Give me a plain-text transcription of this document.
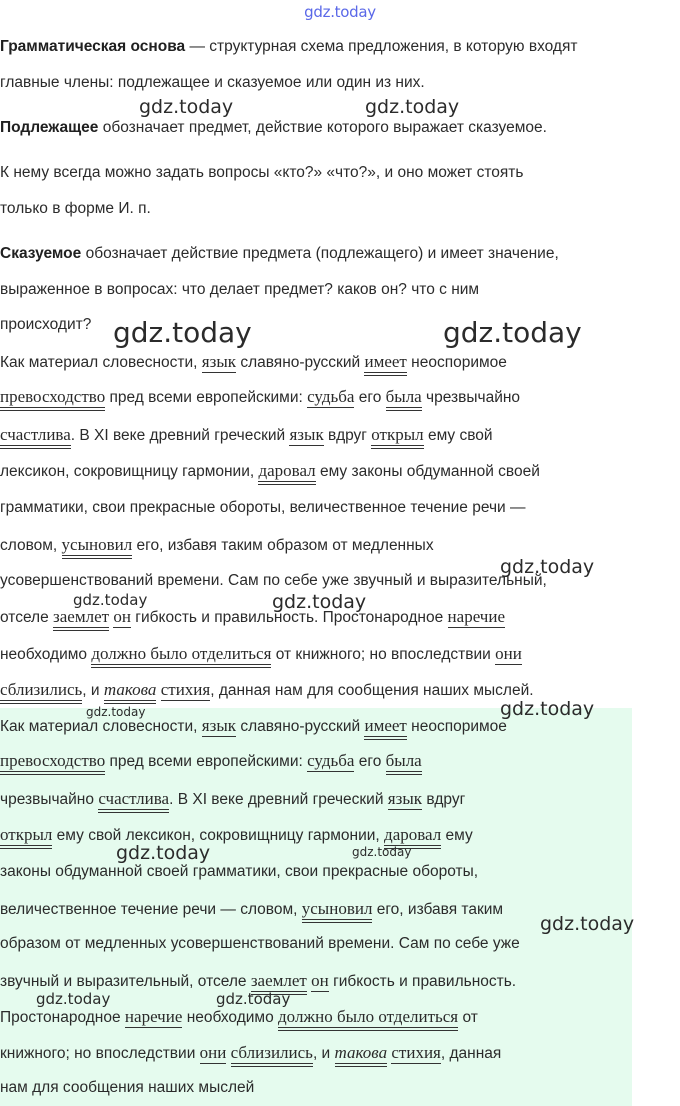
gdz.today
Грамматическая основа — структурная схема предложения, в которую входят
главные члены: подлежащее и сказуемое или один из них.
Подлежащее обозначает предмет, действие которого выражает сказуемое.
К нему всегда можно задать вопросы «кто?» «что?», и оно может стоять
только в форме И. п.
Сказуемое обозначает действие предмета (подлежащего) и имеет значение,
выраженное в вопросах: что делает предмет? каков он? что с ним
происходит?
Как материал словесности, язык славяно-русский имеет неоспоримое
превосходство пред всеми европейскими: судьба его была чрезвычайно
счастлива. В XI веке древний греческий язык вдруг открыл ему свой
лексикон, сокровищницу гармонии, даровал ему законы обдуманной своей
грамматики, свои прекрасные обороты, величественное течение речи —
словом, усыновил его, избавя таким образом от медленных
усовершенствований времени. Сам по себе уже звучный и выразительный,
отселе заемлет он гибкость и правильность. Простонародное наречие
необходимо должно было отделиться от книжного; но впоследствии они
сблизились, и такова стихия, данная нам для сообщения наших мыслей.
Как материал словесности, язык славяно-русский имеет неоспоримое
превосходство пред всеми европейскими: судьба его была
чрезвычайно счастлива. В XI веке древний греческий язык вдруг
открыл ему свой лексикон, сокровищницу гармонии, даровал ему
законы обдуманной своей грамматики, свои прекрасные обороты,
величественное течение речи — словом, усыновил его, избавя таким
образом от медленных усовершенствований времени. Сам по себе уже
звучный и выразительный, отселе заемлет он гибкость и правильность.
Простонародное наречие необходимо должно было отделиться от
книжного; но впоследствии они сблизились, и такова стихия, данная
нам для сообщения наших мыслей
gdz.today	gdz.today
gdz.today	gdz.today
gdz.today
gdz.today	gdz.today
gdz.today	gdz.today
gdz.today	gdz.today
gdz.today
gdz.today	gdz.today
